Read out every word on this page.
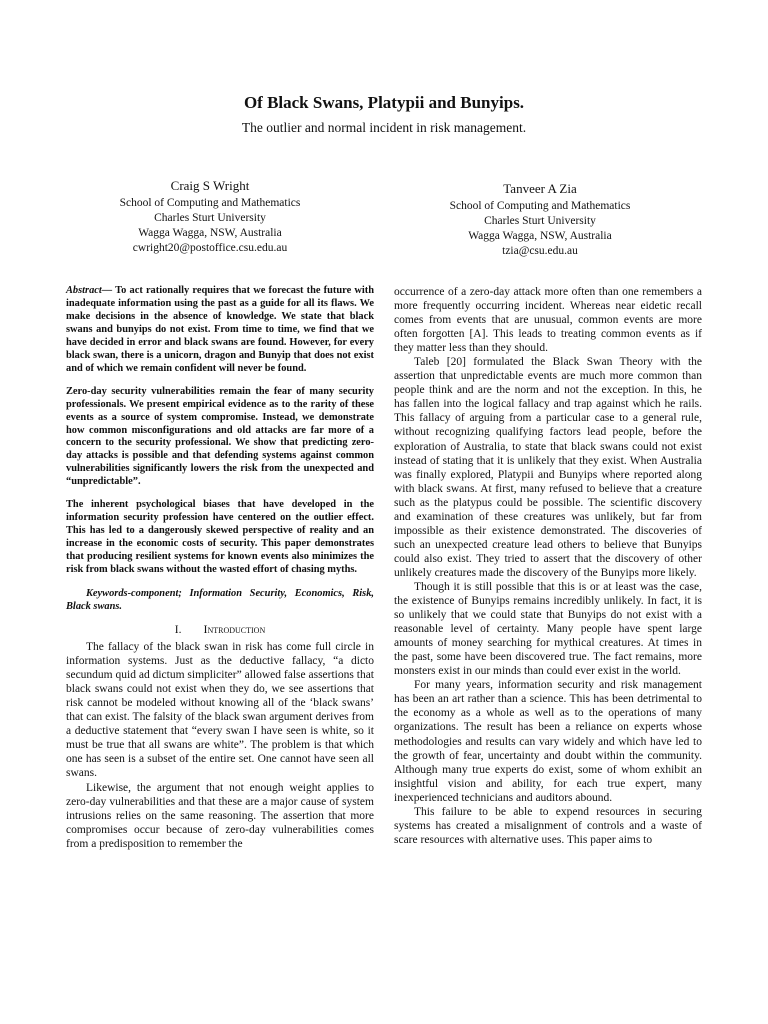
Of Black Swans, Platypii and Bunyips.

The outlier and normal incident in risk management.

Craig S Wright
School of Computing and Mathematics
Charles Sturt University
Wagga Wagga, NSW, Australia
cwright20@postoffice.csu.edu.au
Tanveer A Zia
School of Computing and Mathematics
Charles Sturt University
Wagga Wagga, NSW, Australia
tzia@csu.edu.au

Abstract— To act rationally requires that we forecast the future with inadequate information using the past as a guide for all its flaws. We make decisions in the absence of knowledge. We state that black swans and bunyips do not exist. From time to time, we find that we have decided in error and black swans are found. However, for every black swan, there is a unicorn, dragon and Bunyip that does not exist and of which we remain confident will never be found.

Zero-day security vulnerabilities remain the fear of many security professionals. We present empirical evidence as to the rarity of these events as a source of system compromise. Instead, we demonstrate how common misconfigurations and old attacks are far more of a concern to the security professional. We show that predicting zero-day attacks is possible and that defending systems against common vulnerabilities significantly lowers the risk from the unexpected and “unpredictable”.

The inherent psychological biases that have developed in the information security profession have centered on the outlier effect. This has led to a dangerously skewed perspective of reality and an increase in the economic costs of security. This paper demonstrates that producing resilient systems for known events also minimizes the risk from black swans without the wasted effort of chasing myths.

Keywords-component; Information Security, Economics, Risk, Black swans.

I. Introduction

The fallacy of the black swan in risk has come full circle in information systems. Just as the deductive fallacy, “a dicto secundum quid ad dictum simpliciter” allowed false assertions that black swans could not exist when they do, we see assertions that risk cannot be modeled without knowing all of the ‘black swans’ that can exist. The falsity of the black swan argument derives from a deductive statement that “every swan I have seen is white, so it must be true that all swans are white”. The problem is that which one has seen is a subset of the entire set. One cannot have seen all swans.

Likewise, the argument that not enough weight applies to zero-day vulnerabilities and that these are a major cause of system intrusions relies on the same reasoning. The assertion that more compromises occur because of zero-day vulnerabilities comes from a predisposition to remember the

occurrence of a zero-day attack more often than one remembers a more frequently occurring incident. Whereas near eidetic recall comes from events that are unusual, common events are more often forgotten [A]. This leads to treating common events as if they matter less than they should.

Taleb [20] formulated the Black Swan Theory with the assertion that unpredictable events are much more common than people think and are the norm and not the exception. In this, he has fallen into the logical fallacy and trap against which he rails. This fallacy of arguing from a particular case to a general rule, without recognizing qualifying factors lead people, before the exploration of Australia, to state that black swans could not exist instead of stating that it is unlikely that they exist. When Australia was finally explored, Platypii and Bunyips where reported along with black swans. At first, many refused to believe that a creature such as the platypus could be possible. The scientific discovery and examination of these creatures was unlikely, but far from impossible as their existence demonstrated. The discoveries of such an unexpected creature lead others to believe that Bunyips could also exist. They tried to assert that the discovery of other unlikely creatures made the discovery of the Bunyips more likely.

Though it is still possible that this is or at least was the case, the existence of Bunyips remains incredibly unlikely. In fact, it is so unlikely that we could state that Bunyips do not exist with a reasonable level of certainty. Many people have spent large amounts of money searching for mythical creatures. At times in the past, some have been discovered true. The fact remains, more monsters exist in our minds than could ever exist in the world.

For many years, information security and risk management has been an art rather than a science. This has been detrimental to the economy as a whole as well as to the operations of many organizations. The result has been a reliance on experts whose methodologies and results can vary widely and which have led to the growth of fear, uncertainty and doubt within the community. Although many true experts do exist, some of whom exhibit an insightful vision and ability, for each true expert, many inexperienced technicians and auditors abound.

This failure to be able to expend resources in securing systems has created a misalignment of controls and a waste of scare resources with alternative uses. This paper aims to
